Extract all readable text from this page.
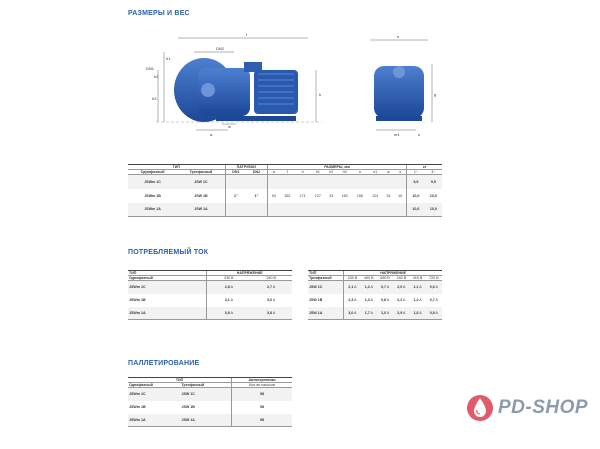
РАЗМЕРЫ И ВЕС
ПОТРЕБЛЯЕМЫЙ ТОК
ПАЛЛЕТИРОВАНИЕ
f
DN2
DN1
h1
h2
h3
h
w
a
n
m1
g
s
ТИП		ПАТРУБКИ		РАЗМЕРЫ, мм										кг	
Однофазный	Трехфазный	DN1	DN2	a	f	h	h1	h2	h3	n	n1	w	s	1~	3~
JSWm 1C	JSW 1C													9,9	9,9
JSWm 1B	JSW 1B	1"	1"	94	352	171	127	33	160	158	124	24	10	10,0	10,0
JSWm 1A	JSW 1A													10,6	10,0
ТИП	НАПРЯЖЕНИЕ	
Однофазный	230 В	240 В
JSWm 1C	2,8 A	2,7 A
JSWm 1B	3,1 A	3,0 A
JSWm 1A	3,9 A	3,8 A
ТИП	НАПРЯЖЕНИЕ					
Трехфазный	230 В	400 В	690 В	240 В	415 В	720 В
JSW 1C	2,1 A	1,2 A	0,7 A	2,0 A	1,1 A	0,6 A
JSW 1B	2,3 A	1,3 A	0,8 A	2,2 A	1,2 A	0,7 A
JSW 1A	3,0 A	1,7 A	1,0 A	2,9 A	1,6 A	0,9 A
ТИП		Автоперевозки
Однофазный	Трехфазный	Кол-во насосов
JSWm 1C	JSW 1C	98
JSWm 1B	JSW 1B	98
JSWm 1A	JSW 1A	98
PD-SHOP
